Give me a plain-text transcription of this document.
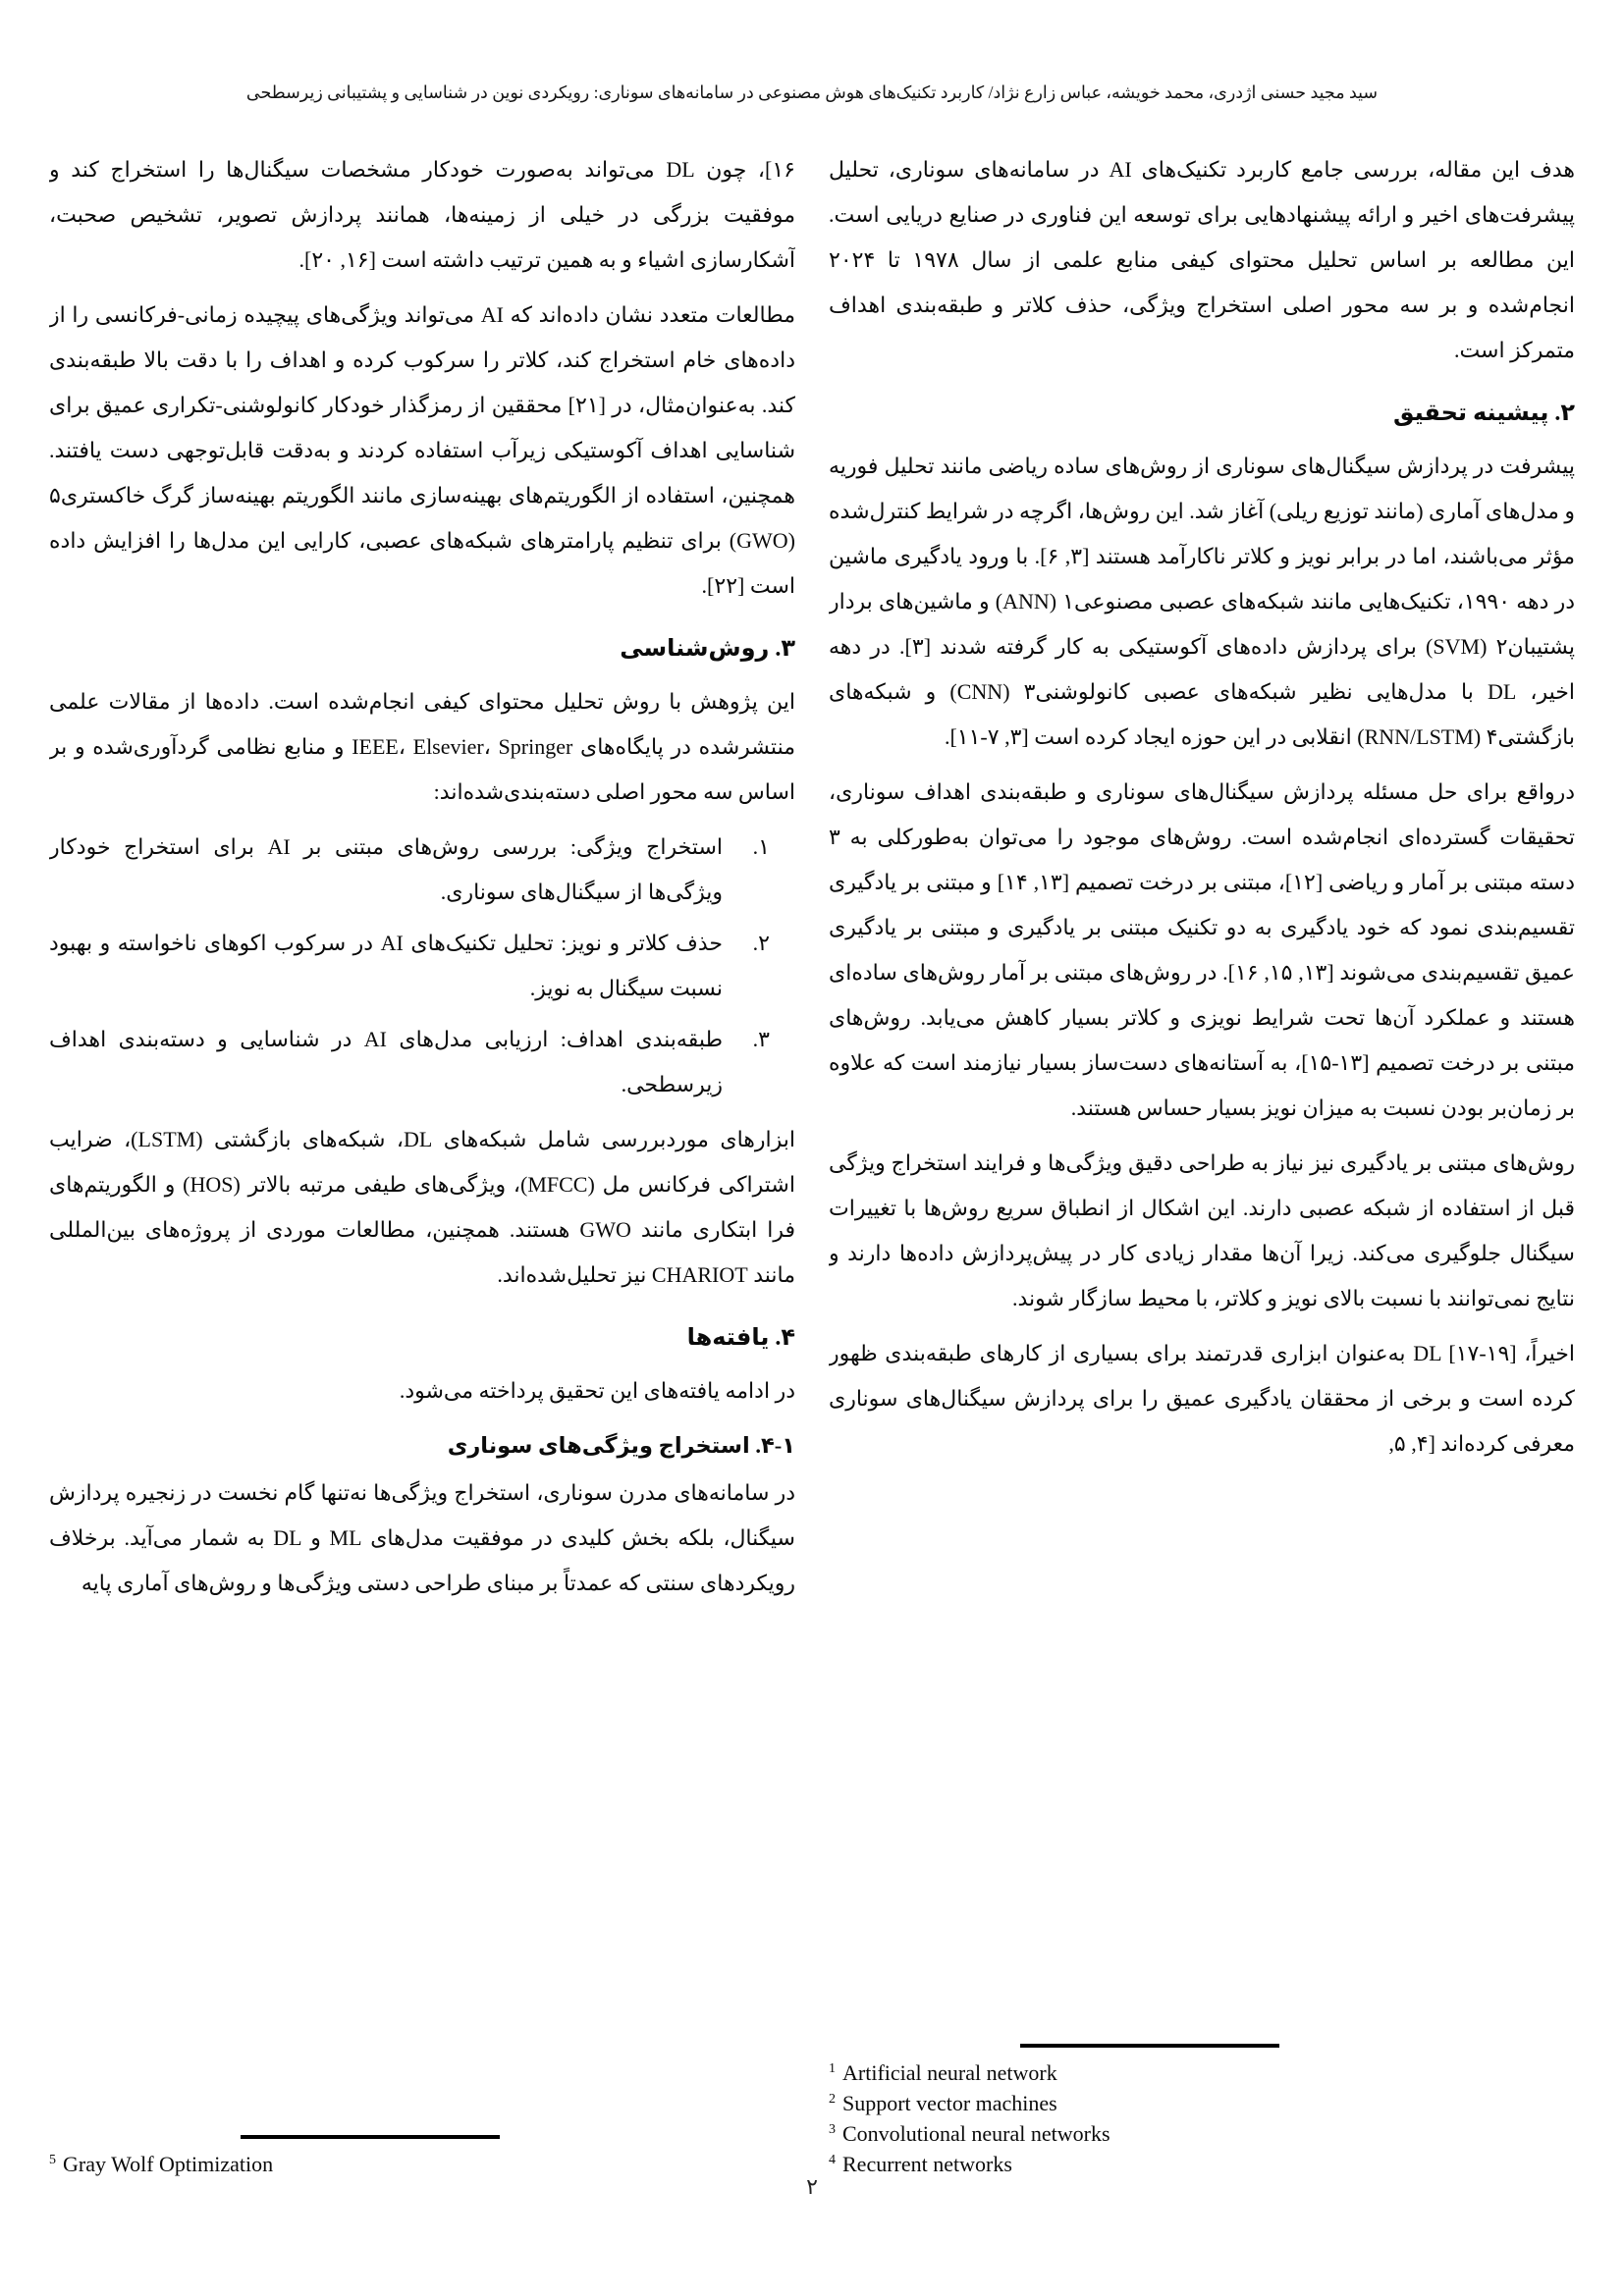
سید مجید حسنی اژدری، محمد خویشه، عباس زارع نژاد/ کاربرد تکنیک‌های هوش مصنوعی در سامانه‌های سوناری: رویکردی نوین در شناسایی و پشتیبانی زیرسطحی

هدف این مقاله، بررسی جامع کاربرد تکنیک‌های AI در سامانه‌های سوناری، تحلیل پیشرفت‌های اخیر و ارائه پیشنهادهایی برای توسعه این فناوری در صنایع دریایی است. این مطالعه بر اساس تحلیل محتوای کیفی منابع علمی از سال ۱۹۷۸ تا ۲۰۲۴ انجام‌شده و بر سه محور اصلی استخراج ویژگی، حذف کلاتر و طبقه‌بندی اهداف متمرکز است.

۲. پیشینه تحقیق

پیشرفت در پردازش سیگنال‌های سوناری از روش‌های ساده ریاضی مانند تحلیل فوریه و مدل‌های آماری (مانند توزیع ریلی) آغاز شد. این روش‌ها، اگرچه در شرایط کنترل‌شده مؤثر می‌باشند، اما در برابر نویز و کلاتر ناکارآمد هستند [۳, ۶]. با ورود یادگیری ماشین در دهه ۱۹۹۰، تکنیک‌هایی مانند شبکه‌های عصبی مصنوعی۱ (ANN) و ماشین‌های بردار پشتیبان۲ (SVM) برای پردازش داده‌های آکوستیکی به کار گرفته شدند [۳]. در دهه اخیر، DL با مدل‌هایی نظیر شبکه‌های عصبی کانولوشنی۳ (CNN) و شبکه‌های بازگشتی۴ (RNN/LSTM) انقلابی در این حوزه ایجاد کرده است [۳, ۷-۱۱].

درواقع برای حل مسئله پردازش سیگنال‌های سوناری و طبقه‌بندی اهداف سوناری، تحقیقات گسترده‌ای انجام‌شده است. روش‌های موجود را می‌توان به‌طورکلی به ۳ دسته مبتنی بر آمار و ریاضی [۱۲]، مبتنی بر درخت تصمیم [۱۳, ۱۴] و مبتنی بر یادگیری تقسیم‌بندی نمود که خود یادگیری به دو تکنیک مبتنی بر یادگیری و مبتنی بر یادگیری عمیق تقسیم‌بندی می‌شوند [۱۳, ۱۵, ۱۶]. در روش‌های مبتنی بر آمار روش‌های ساده‌ای هستند و عملکرد آن‌ها تحت شرایط نویزی و کلاتر بسیار کاهش می‌یابد. روش‌های مبتنی بر درخت تصمیم [۱۳-۱۵]، به آستانه‌های دست‌ساز بسیار نیازمند است که علاوه بر زمان‌بر بودن نسبت به میزان نویز بسیار حساس هستند.

روش‌های مبتنی بر یادگیری نیز نیاز به طراحی دقیق ویژگی‌ها و فرایند استخراج ویژگی قبل از استفاده از شبکه عصبی دارند. این اشکال از انطباق سریع روش‌ها با تغییرات سیگنال جلوگیری می‌کند. زیرا آن‌ها مقدار زیادی کار در پیش‌پردازش داده‌ها دارند و نتایج نمی‌توانند با نسبت بالای نویز و کلاتر، با محیط سازگار شوند.

اخیراً، DL [۱۷-۱۹] به‌عنوان ابزاری قدرتمند برای بسیاری از کارهای طبقه‌بندی ظهور کرده است و برخی از محققان یادگیری عمیق را برای پردازش سیگنال‌های سوناری معرفی کرده‌اند [۴, ۵,

$^1$ Artificial neural network
$^2$ Support vector machines
$^3$ Convolutional neural networks
$^4$ Recurrent networks

۱۶]، چون DL می‌تواند به‌صورت خودکار مشخصات سیگنال‌ها را استخراج کند و موفقیت بزرگی در خیلی از زمینه‌ها، همانند پردازش تصویر، تشخیص صحبت، آشکارسازی اشیاء و به همین ترتیب داشته است [۱۶, ۲۰].

مطالعات متعدد نشان داده‌اند که AI می‌تواند ویژگی‌های پیچیده زمانی-فرکانسی را از داده‌های خام استخراج کند، کلاتر را سرکوب کرده و اهداف را با دقت بالا طبقه‌بندی کند. به‌عنوان‌مثال، در [۲۱] محققین از رمزگذار خودکار کانولوشنی-تکراری عمیق برای شناسایی اهداف آکوستیکی زیرآب استفاده کردند و به‌دقت قابل‌توجهی دست یافتند. همچنین، استفاده از الگوریتم‌های بهینه‌سازی مانند الگوریتم بهینه‌ساز گرگ خاکستری۵ (GWO) برای تنظیم پارامترهای شبکه‌های عصبی، کارایی این مدل‌ها را افزایش داده است [۲۲].

۳. روش‌شناسی

این پژوهش با روش تحلیل محتوای کیفی انجام‌شده است. داده‌ها از مقالات علمی منتشرشده در پایگاه‌های IEEE، Elsevier، Springer و منابع نظامی گردآوری‌شده و بر اساس سه محور اصلی دسته‌بندی‌شده‌اند:

۱.
استخراج ویژگی: بررسی روش‌های مبتنی بر AI برای استخراج خودکار ویژگی‌ها از سیگنال‌های سوناری.
۲.
حذف کلاتر و نویز: تحلیل تکنیک‌های AI در سرکوب اکوهای ناخواسته و بهبود نسبت سیگنال به نویز.
۳.
طبقه‌بندی اهداف: ارزیابی مدل‌های AI در شناسایی و دسته‌بندی اهداف زیرسطحی.

ابزارهای موردبررسی شامل شبکه‌های DL، شبکه‌های بازگشتی (LSTM)، ضرایب اشتراکی فرکانس مل (MFCC)، ویژگی‌های طیفی مرتبه بالاتر (HOS) و الگوریتم‌های فرا ابتکاری مانند GWO هستند. همچنین، مطالعات موردی از پروژه‌های بین‌المللی مانند CHARIOT نیز تحلیل‌شده‌اند.

۴. یافته‌ها

در ادامه یافته‌های این تحقیق پرداخته می‌شود.

۴-۱. استخراج ویژگی‌های سوناری

در سامانه‌های مدرن سوناری، استخراج ویژگی‌ها نه‌تنها گام نخست در زنجیره پردازش سیگنال، بلکه بخش کلیدی در موفقیت مدل‌های ML و DL به شمار می‌آید. برخلاف رویکردهای سنتی که عمدتاً بر مبنای طراحی دستی ویژگی‌ها و روش‌های آماری پایه

$^5$ Gray Wolf Optimization
۲
